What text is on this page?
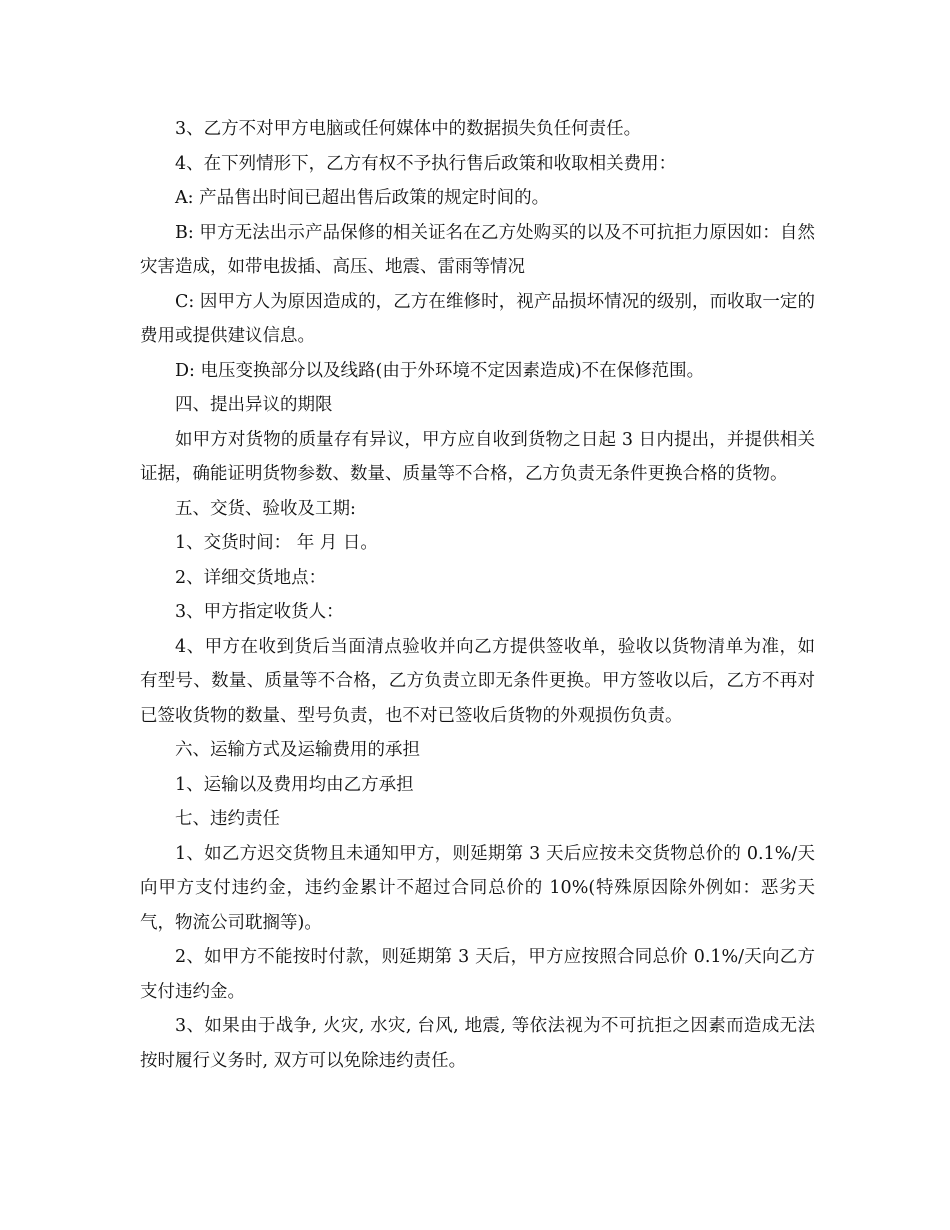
3、乙方不对甲方电脑或任何媒体中的数据损失负任何责任。

4、在下列情形下，乙方有权不予执行售后政策和收取相关费用：

A: 产品售出时间已超出售后政策的规定时间的。

B: 甲方无法出示产品保修的相关证名在乙方处购买的以及不可抗拒力原因如：自然灾害造成，如带电拔插、高压、地震、雷雨等情况

C: 因甲方人为原因造成的，乙方在维修时，视产品损坏情况的级别，而收取一定的费用或提供建议信息。

D: 电压变换部分以及线路(由于外环境不定因素造成)不在保修范围。

四、提出异议的期限

如甲方对货物的质量存有异议，甲方应自收到货物之日起 3 日内提出，并提供相关证据，确能证明货物参数、数量、质量等不合格，乙方负责无条件更换合格的货物。

五、交货、验收及工期:

1、交货时间： 年 月 日。

2、详细交货地点：

3、甲方指定收货人：

4、甲方在收到货后当面清点验收并向乙方提供签收单，验收以货物清单为准，如有型号、数量、质量等不合格，乙方负责立即无条件更换。甲方签收以后，乙方不再对已签收货物的数量、型号负责，也不对已签收后货物的外观损伤负责。

六、运输方式及运输费用的承担

1、运输以及费用均由乙方承担

七、违约责任

1、如乙方迟交货物且未通知甲方，则延期第 3 天后应按未交货物总价的 0.1%/天向甲方支付违约金，违约金累计不超过合同总价的 10%(特殊原因除外例如：恶劣天气，物流公司耽搁等)。

2、如甲方不能按时付款，则延期第 3 天后，甲方应按照合同总价 0.1%/天向乙方支付违约金。

3、如果由于战争, 火灾, 水灾, 台风, 地震, 等依法视为不可抗拒之因素而造成无法按时履行义务时, 双方可以免除违约责任。
